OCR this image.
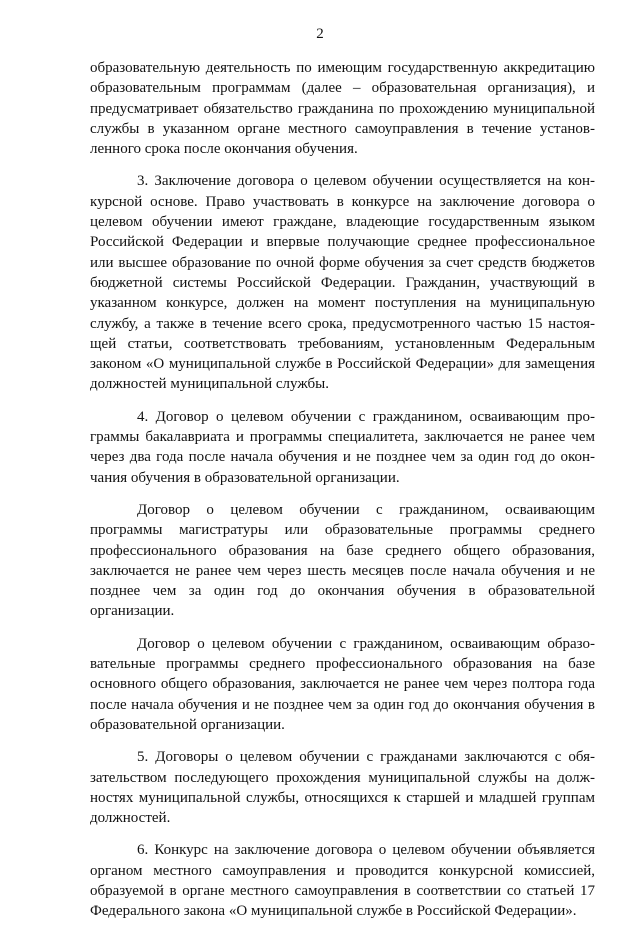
2

образовательную деятельность по имеющим государственную аккредитацию образовательным программам (далее – образовательная организация), и предусматривает обязательство гражданина по прохождению муниципальной службы в указанном органе местного самоуправления в течение установленного срока после окончания обучения.

3. Заключение договора о целевом обучении осуществляется на конкурсной основе. Право участвовать в конкурсе на заключение договора о целевом обучении имеют граждане, владеющие государственным языком Российской Федерации и впервые получающие среднее профессиональное или высшее образование по очной форме обучения за счет средств бюджетов бюджетной системы Российской Федерации. Гражданин, участвующий в указанном конкурсе, должен на момент поступления на муниципальную службу, а также в течение всего срока, предусмотренного частью 15 настоящей статьи, соответствовать требованиям, установленным Федеральным законом «О муниципальной службе в Российской Федерации» для замещения должностей муниципальной службы.

4. Договор о целевом обучении с гражданином, осваивающим программы бакалавриата и программы специалитета, заключается не ранее чем через два года после начала обучения и не позднее чем за один год до окончания обучения в образовательной организации.

Договор о целевом обучении с гражданином, осваивающим программы магистратуры или образовательные программы среднего профессионального образования на базе среднего общего образования, заключается не ранее чем через шесть месяцев после начала обучения и не позднее чем за один год до окончания обучения в образовательной организации.

Договор о целевом обучении с гражданином, осваивающим образовательные программы среднего профессионального образования на базе основного общего образования, заключается не ранее чем через полтора года после начала обучения и не позднее чем за один год до окончания обучения в образовательной организации.

5. Договоры о целевом обучении с гражданами заключаются с обязательством последующего прохождения муниципальной службы на должностях муниципальной службы, относящихся к старшей и младшей группам должностей.

6. Конкурс на заключение договора о целевом обучении объявляется органом местного самоуправления и проводится конкурсной комиссией, образуемой в органе местного самоуправления в соответствии со статьей 17 Федерального закона «О муниципальной службе в Российской Федерации».
